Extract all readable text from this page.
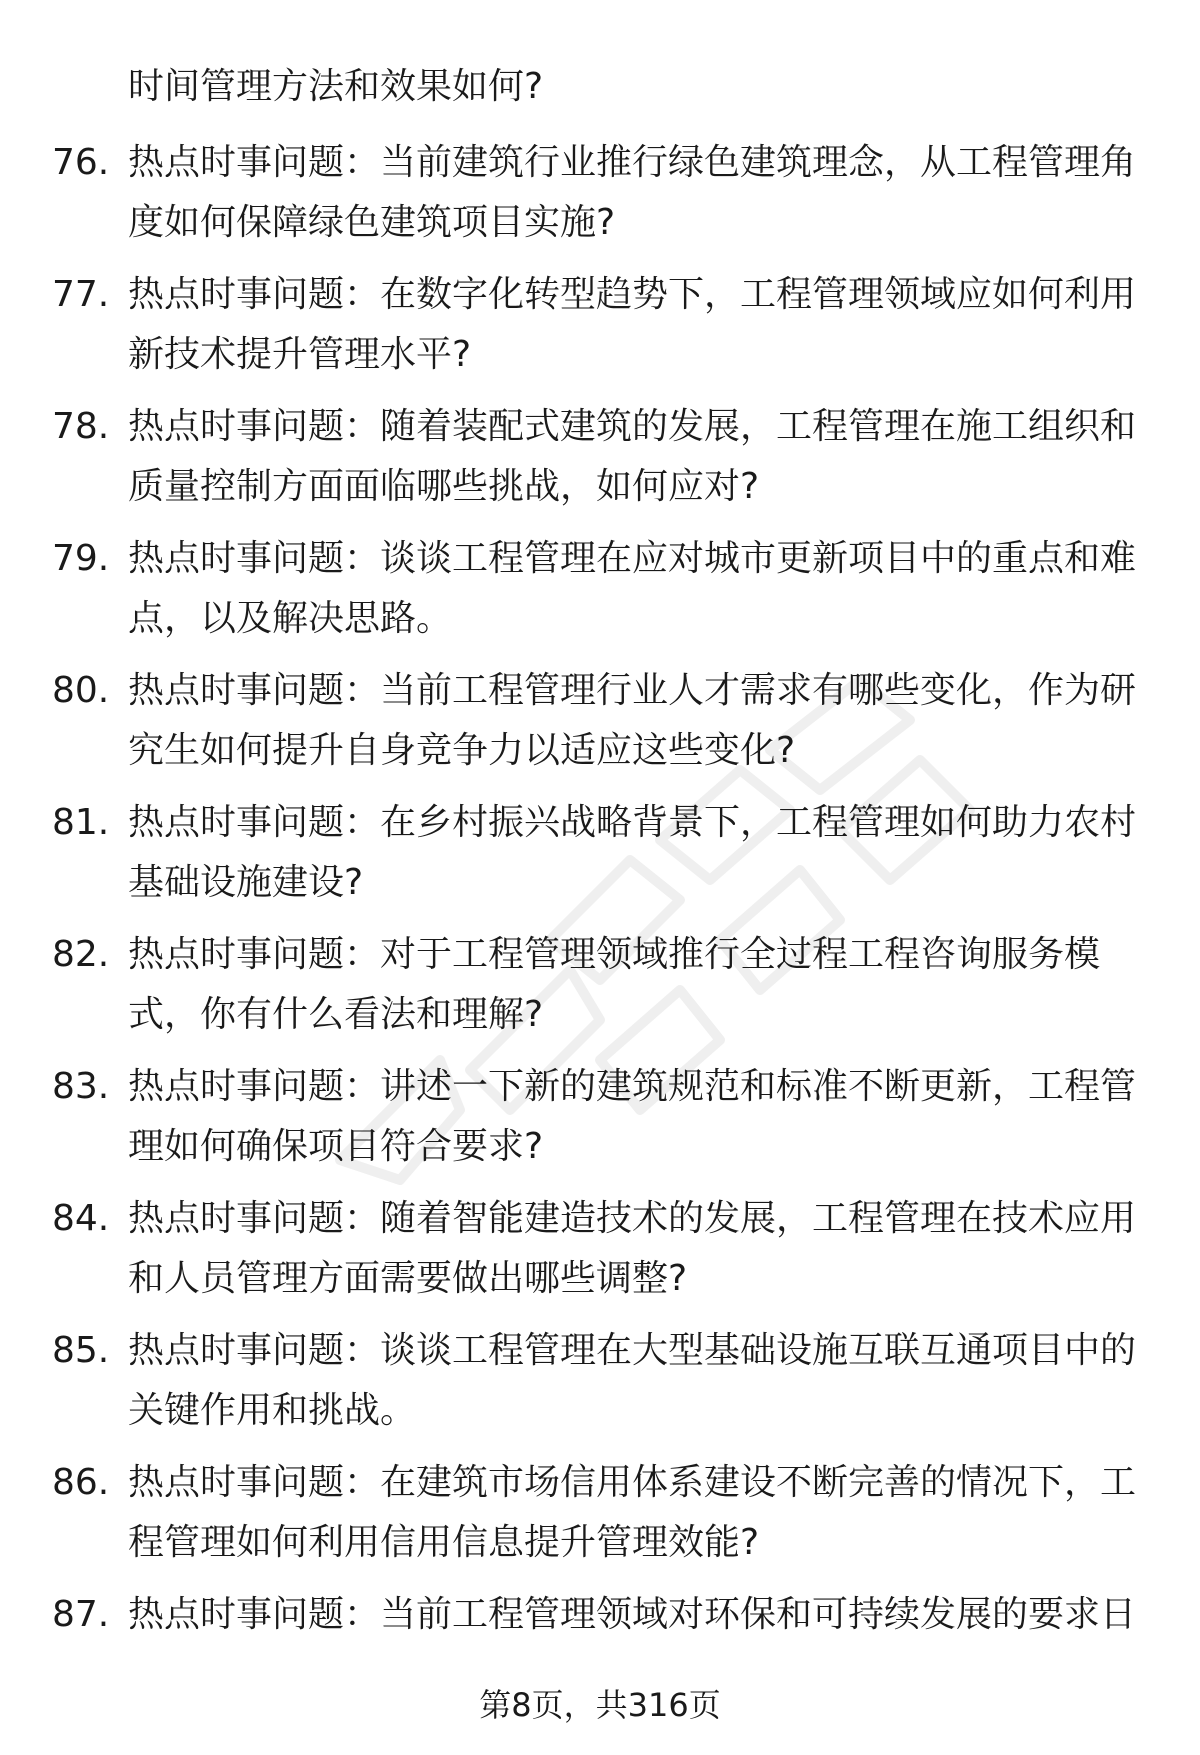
时间管理方法和效果如何?
76. 热点时事问题：当前建筑行业推行绿色建筑理念，从工程管理角
度如何保障绿色建筑项目实施?
77. 热点时事问题：在数字化转型趋势下，工程管理领域应如何利用
新技术提升管理水平?
78. 热点时事问题：随着装配式建筑的发展，工程管理在施工组织和
质量控制方面面临哪些挑战，如何应对?
79. 热点时事问题：谈谈工程管理在应对城市更新项目中的重点和难
点，以及解决思路。
80. 热点时事问题：当前工程管理行业人才需求有哪些变化，作为研
究生如何提升自身竞争力以适应这些变化?
81. 热点时事问题：在乡村振兴战略背景下，工程管理如何助力农村
基础设施建设?
82. 热点时事问题：对于工程管理领域推行全过程工程咨询服务模
式，你有什么看法和理解?
83. 热点时事问题：讲述一下新的建筑规范和标准不断更新，工程管
理如何确保项目符合要求?
84. 热点时事问题：随着智能建造技术的发展，工程管理在技术应用
和人员管理方面需要做出哪些调整?
85. 热点时事问题：谈谈工程管理在大型基础设施互联互通项目中的
关键作用和挑战。
86. 热点时事问题：在建筑市场信用体系建设不断完善的情况下，工
程管理如何利用信用信息提升管理效能?
87. 热点时事问题：当前工程管理领域对环保和可持续发展的要求日
第8页，共316页
